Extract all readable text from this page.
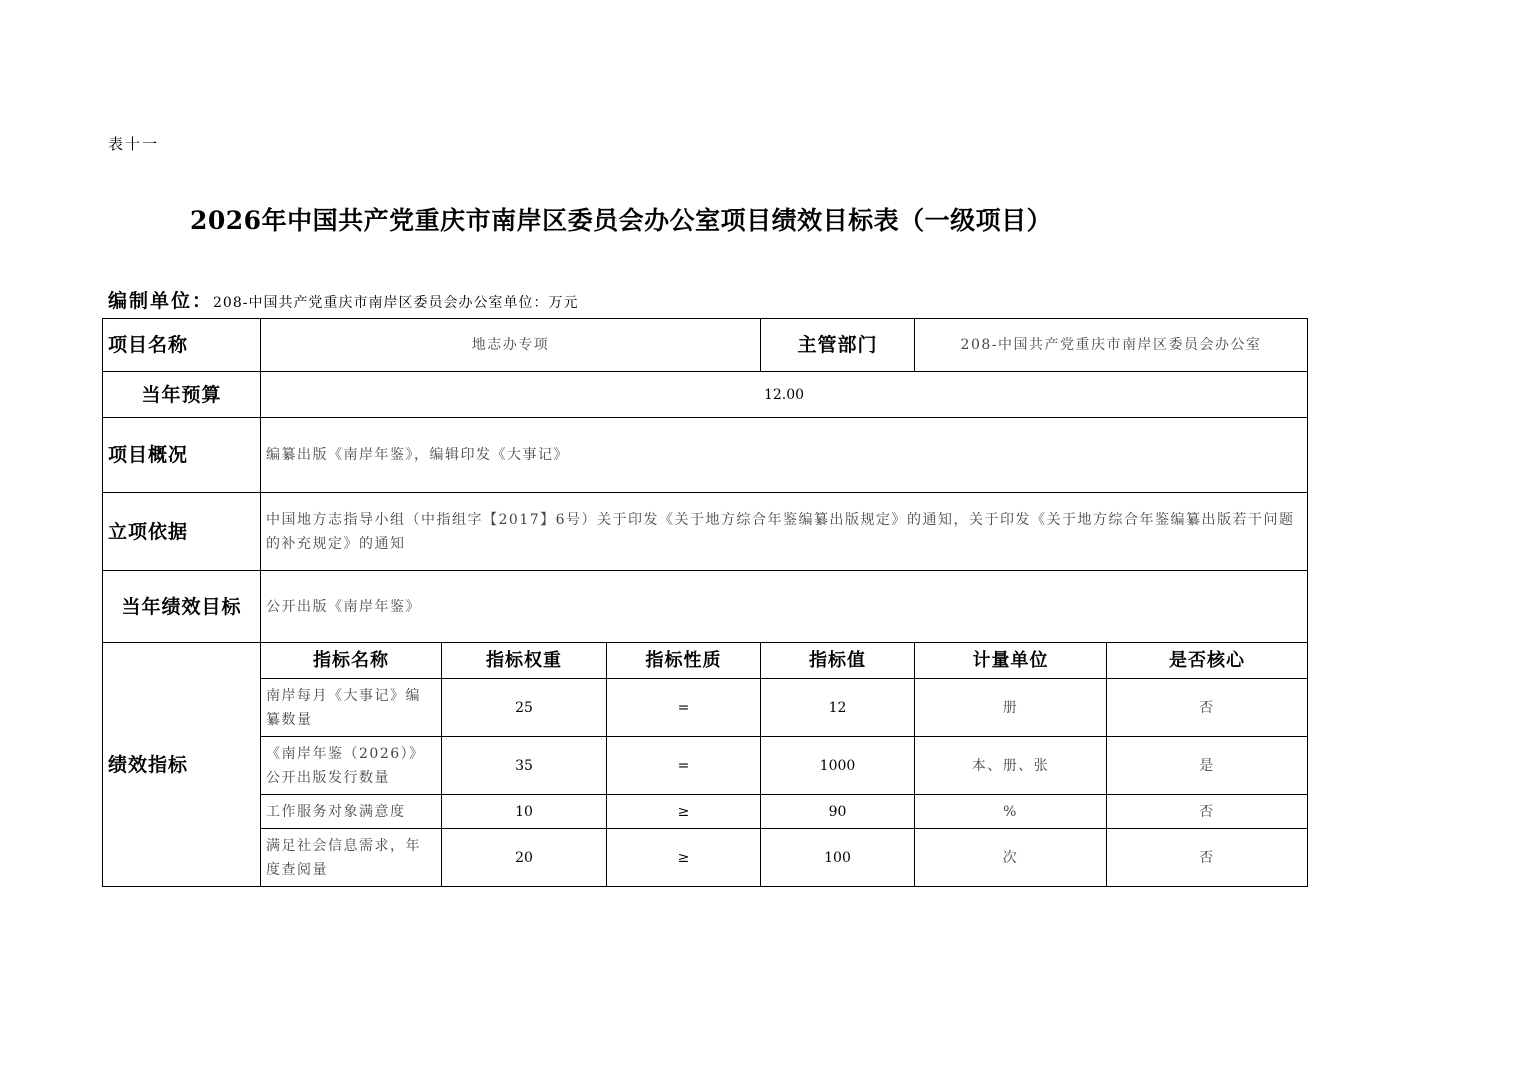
表十一
2026年中国共产党重庆市南岸区委员会办公室项目绩效目标表（一级项目）
编制单位：208-中国共产党重庆市南岸区委员会办公室单位：万元
项目名称	地志办专项			主管部门	208-中国共产党重庆市南岸区委员会办公室	
当年预算	12.00					
项目概况	编纂出版《南岸年鉴》，编辑印发《大事记》					
立项依据	中国地方志指导小组（中指组字【2017】6号）关于印发《关于地方综合年鉴编纂出版规定》的通知，关于印发《关于地方综合年鉴编纂出版若干问题的补充规定》的通知					
当年绩效目标	公开出版《南岸年鉴》					
绩效指标	指标名称	指标权重	指标性质	指标值	计量单位	是否核心
	南岸每月《大事记》编纂数量	25	=	12	册	否
	《南岸年鉴（2026）》公开出版发行数量	35	=	1000	本、册、张	是
	工作服务对象满意度	10	≥	90	%	否
	满足社会信息需求，年度查阅量	20	≥	100	次	否
